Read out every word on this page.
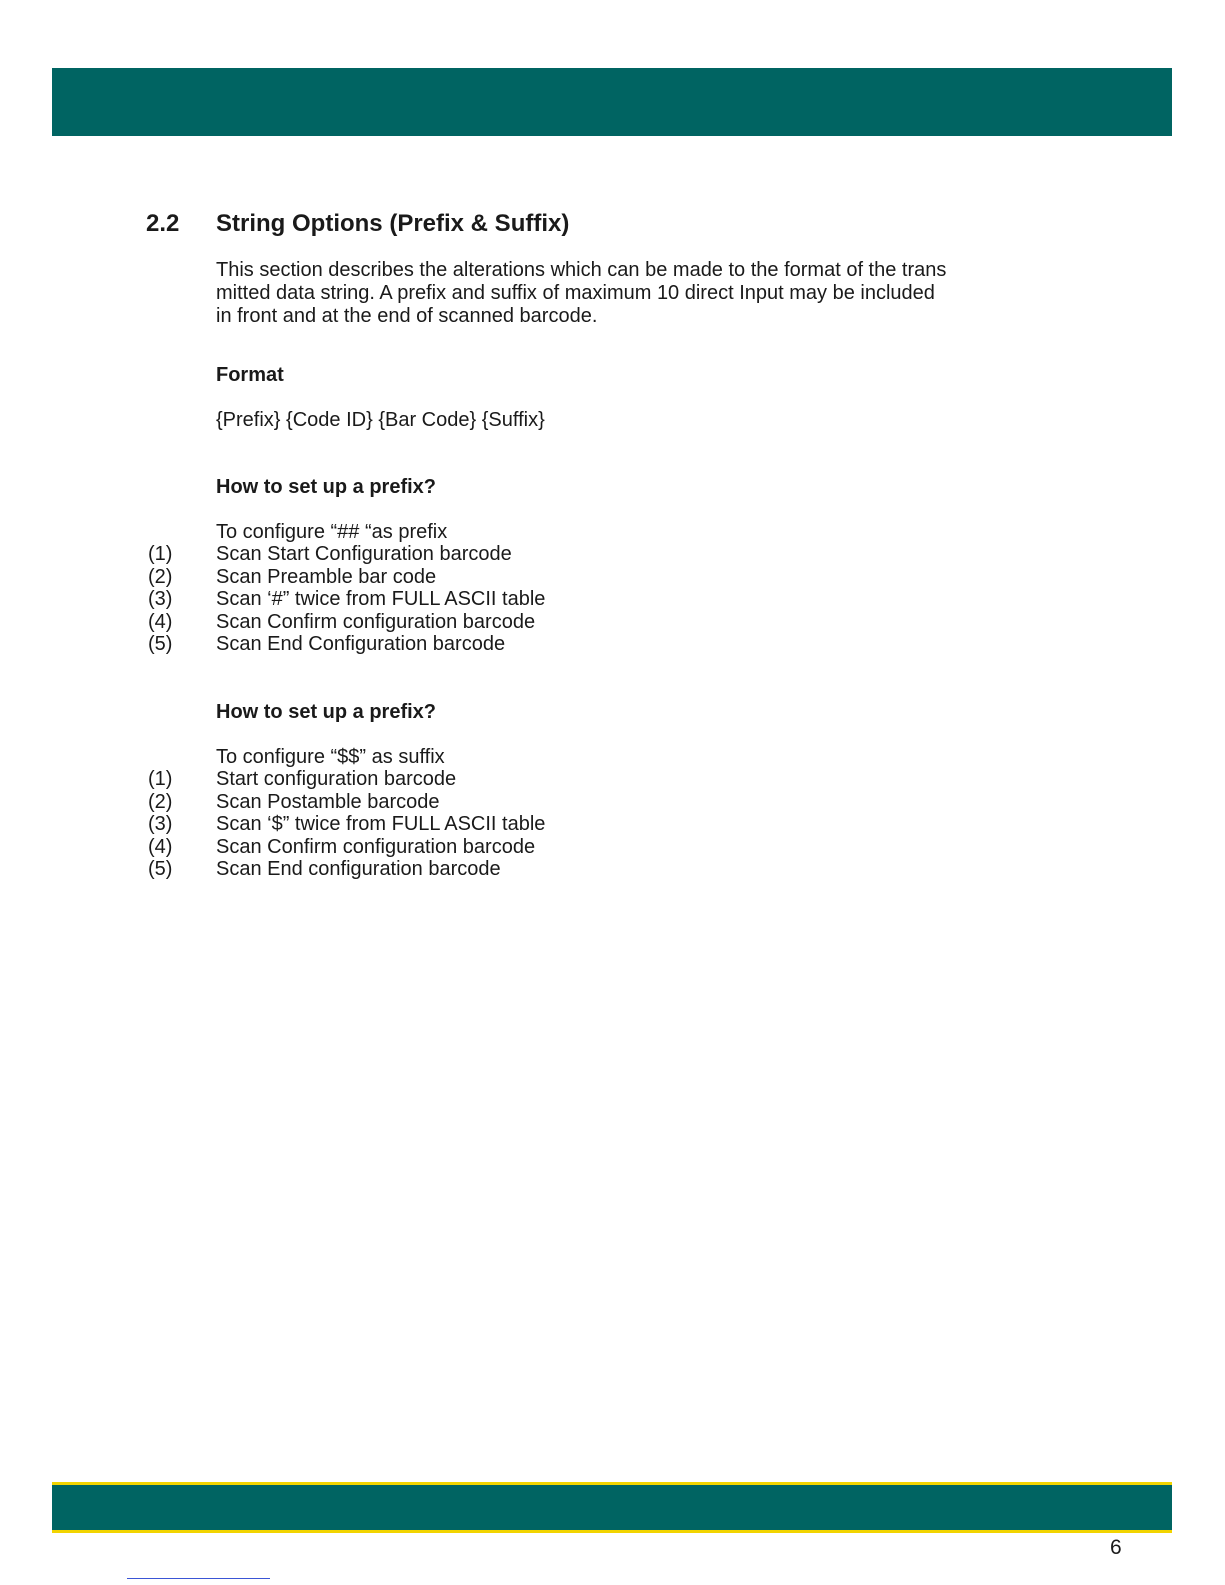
2.2 String Options (Prefix & Suffix)

This section describes the alterations which can be made to the format of the trans
mitted data string. A prefix and suffix of maximum 10 direct Input may be included
in front and at the end of scanned barcode.

Format
{Prefix} {Code ID} {Bar Code} {Suffix}
How to set up a prefix?
To configure “## “as prefix
(1) Scan Start Configuration barcode
(2) Scan Preamble bar code
(3) Scan ‘#” twice from FULL ASCII table
(4) Scan Confirm configuration barcode
(5) Scan End Configuration barcode
How to set up a prefix?
To configure “$$” as suffix
(1) Start configuration barcode
(2) Scan Postamble barcode
(3) Scan ‘$” twice from FULL ASCII table
(4) Scan Confirm configuration barcode
(5) Scan End configuration barcode
6
